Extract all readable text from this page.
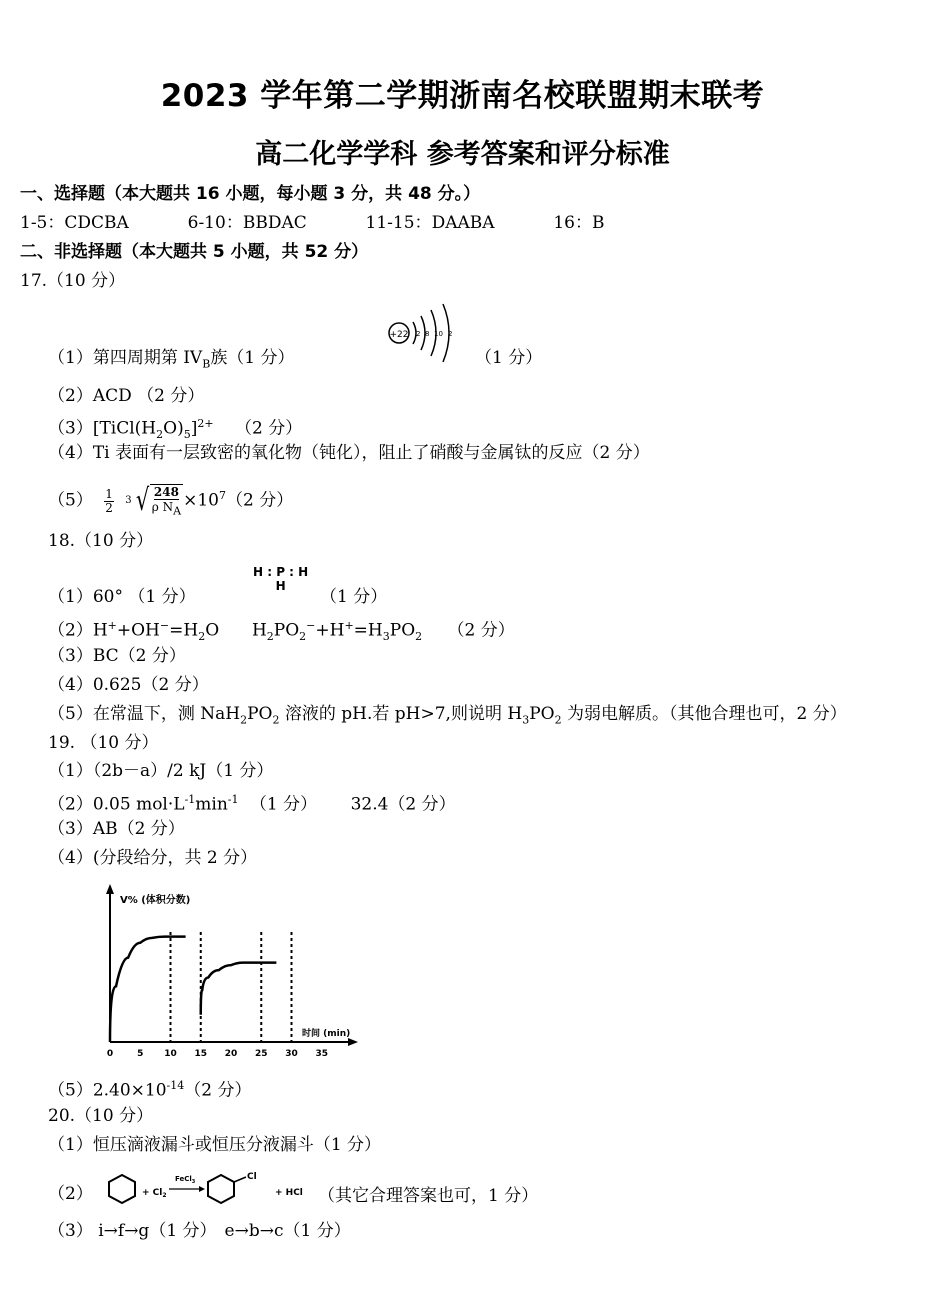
2023 学年第二学期浙南名校联盟期末联考
高二化学学科 参考答案和评分标准
一、选择题（本大题共 16 小题，每小题 3 分，共 48 分。）
1-5：CDCBA	6-10：BBDAC	11-15：DAABA	16：B
二、非选择题（本大题共 5 小题，共 52 分）
17.（10 分）
+22 2 8 10 2
（1）第四周期第 $IV_B$族（1 分）	（1 分）
（2）ACD （2 分）
$(3)[TiCl(H_2O)_5]^{2+}$ （2 分）
（4）Ti 表面有一层致密的氧化物（钝化），阻止了硝酸与金属钛的反应（2 分）
$(5) \frac{1}{2}$
3 √ 248
ρ $N_A$
$\times 10^7(2$ 分）
18.（10 分）
H : P : H
H
（1）60° （1 分）	（1 分）
$(2)H^++OH^-=H_2O$ $H_2PO_2^-+H^+=H_3PO_2$ （2 分）
（3）BC（2 分）
（4）0.625（2 分）
（5）在常温下，测 $NaH_2PO_2$ 溶液的 pH.若 pH>7,则说明 $H_3PO_2$ 为弱电解质。（其他合理也可，2 分）
19. （10 分）
（1）（2b－a）/2 kJ（1 分）
（2）0.05 $mol\cdot L^{-1}\min^{-1}$ （1 分） 32.4（2 分）
（3）AB（2 分）
（4）(分段给分，共 2 分）
V% (体积分数)
时间 (min)
0	5 10 15 20 25 30 35
$(5)2.40\times 10^{-14}(2$ 分）
20.（10 分）
（1）恒压滴液漏斗或恒压分液漏斗（1 分）
（2）	+ $Cl_2$
FeCl$_3$	Cl
+ HCl （其它合理答案也可，1 分）
（3） i→f→g（1 分） e→b→c（1 分）
